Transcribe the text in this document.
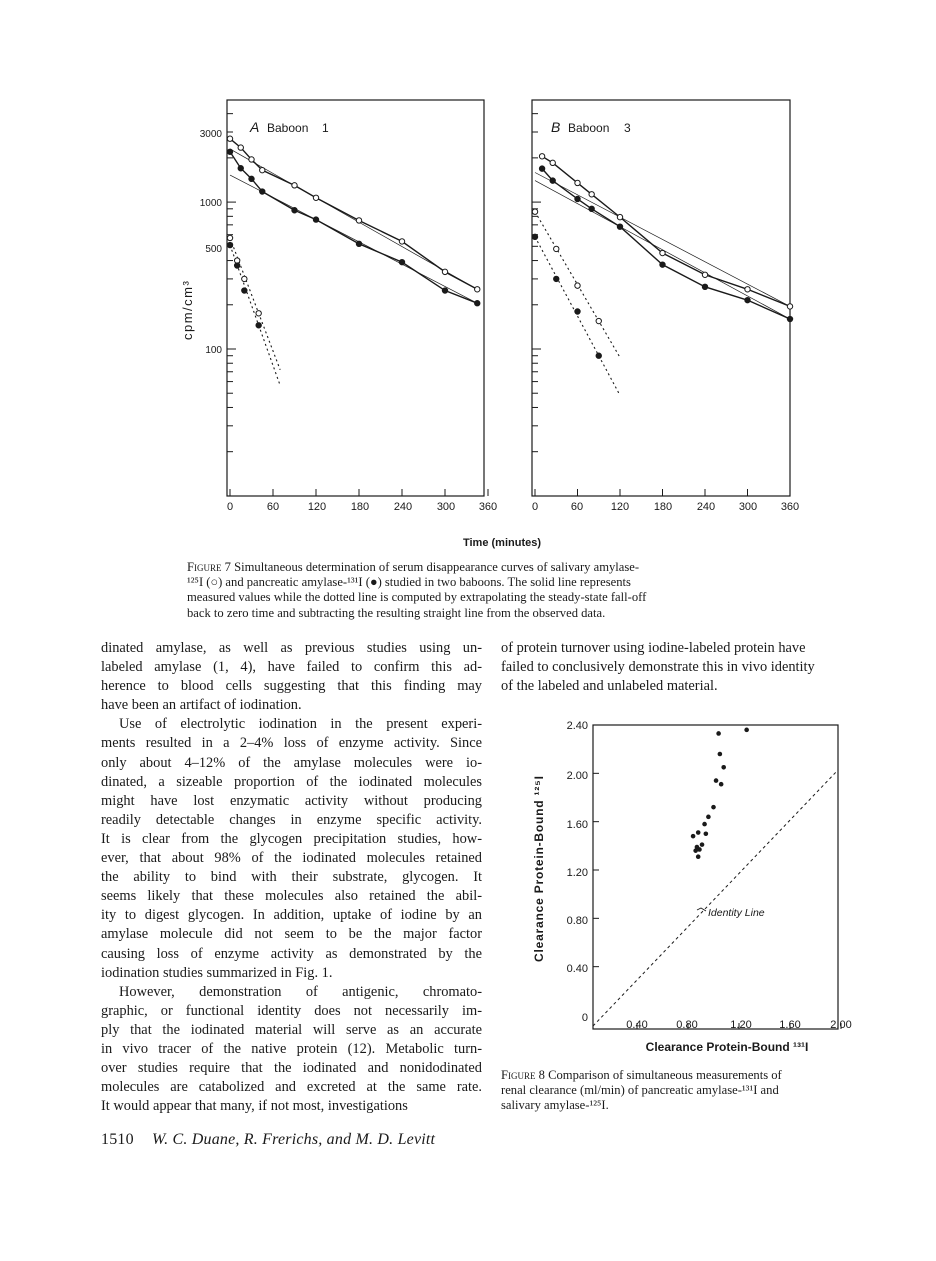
A Baboon 1	B Baboon 3
3000
1000
500
100
cpm/cm³
0	60	120 180 240 300 360	0	60	120 180 240 300 360
Time (minutes)
Figure 7 Simultaneous determination of serum disappearance curves of salivary amylase-
¹²⁵I (○) and pancreatic amylase-¹³¹I (●) studied in two baboons. The solid line represents
measured values while the dotted line is computed by extrapolating the steady-state fall-off
back to zero time and subtracting the resulting straight line from the observed data.
dinated amylase, as well as previous studies using un-
labeled amylase (1, 4), have failed to confirm this ad-
herence to blood cells suggesting that this finding may
have been an artifact of iodination.
Use of electrolytic iodination in the present experi-
ments resulted in a 2–4% loss of enzyme activity. Since
only about 4–12% of the amylase molecules were io-
dinated, a sizeable proportion of the iodinated molecules
might have lost enzymatic activity without producing
readily detectable changes in enzyme specific activity.
It is clear from the glycogen precipitation studies, how-
ever, that about 98% of the iodinated molecules retained
the ability to bind with their substrate, glycogen. It
seems likely that these molecules also retained the abil-
ity to digest glycogen. In addition, uptake of iodine by an
amylase molecule did not seem to be the major factor
causing loss of enzyme activity as demonstrated by the
iodination studies summarized in Fig. 1.
However, demonstration of antigenic, chromato-
graphic, or functional identity does not necessarily im-
ply that the iodinated material will serve as an accurate
in vivo tracer of the native protein (12). Metabolic turn-
over studies require that the iodinated and nonidodinated
molecules are catabolized and excreted at the same rate.
It would appear that many, if not most, investigations
of protein turnover using iodine-labeled protein have
failed to conclusively demonstrate this in vivo identity
of the labeled and unlabeled material.
2.40
2.00
1.60
1.20
0.80
0.40
0
0.40	0.80	1.20	1.60	2.00
Clearance Protein-Bound ¹²⁵I
Clearance Protein-Bound ¹³¹I
Identity Line
Figure 8 Comparison of simultaneous measurements of
renal clearance (ml/min) of pancreatic amylase-¹³¹I and
salivary amylase-¹²⁵I.
1510 W. C. Duane, R. Frerichs, and M. D. Levitt
